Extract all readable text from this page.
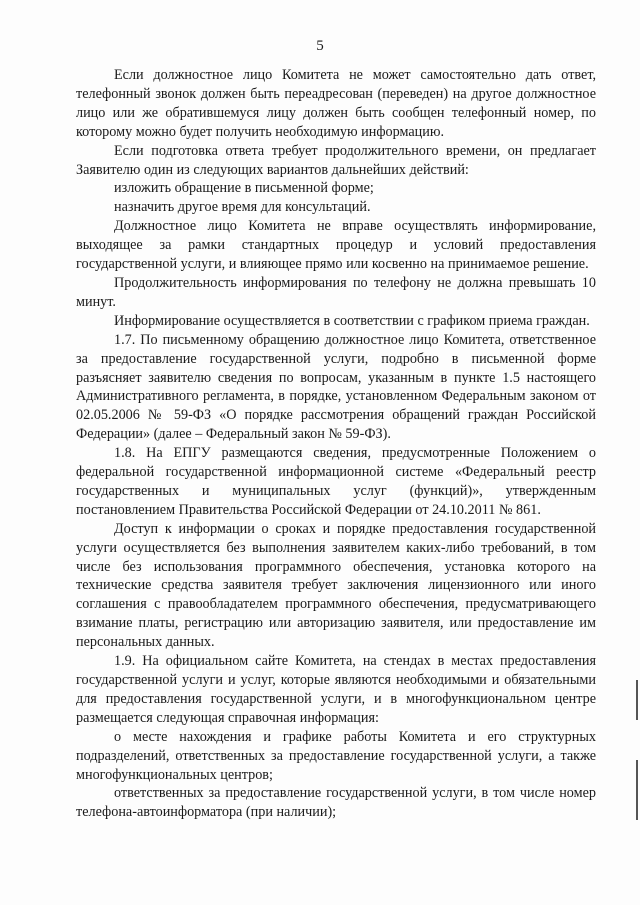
5

Если должностное лицо Комитета не может самостоятельно дать ответ, телефонный звонок должен быть переадресован (переведен) на другое должностное лицо или же обратившемуся лицу должен быть сообщен телефонный номер, по которому можно будет получить необходимую информацию.

Если подготовка ответа требует продолжительного времени, он предлагает Заявителю один из следующих вариантов дальнейших действий:

изложить обращение в письменной форме;

назначить другое время для консультаций.

Должностное лицо Комитета не вправе осуществлять информирование, выходящее за рамки стандартных процедур и условий предоставления государственной услуги, и влияющее прямо или косвенно на принимаемое решение.

Продолжительность информирования по телефону не должна превышать 10 минут.

Информирование осуществляется в соответствии с графиком приема граждан.

1.7. По письменному обращению должностное лицо Комитета, ответственное за предоставление государственной услуги, подробно в письменной форме разъясняет заявителю сведения по вопросам, указанным в пункте 1.5 настоящего Административного регламента, в порядке, установленном Федеральным законом от 02.05.2006 № 59-ФЗ «О порядке рассмотрения обращений граждан Российской Федерации» (далее – Федеральный закон № 59-ФЗ).

1.8. На ЕПГУ размещаются сведения, предусмотренные Положением о федеральной государственной информационной системе «Федеральный реестр государственных и муниципальных услуг (функций)», утвержденным постановлением Правительства Российской Федерации от 24.10.2011 № 861.

Доступ к информации о сроках и порядке предоставления государственной услуги осуществляется без выполнения заявителем каких-либо требований, в том числе без использования программного обеспечения, установка которого на технические средства заявителя требует заключения лицензионного или иного соглашения с правообладателем программного обеспечения, предусматривающего взимание платы, регистрацию или авторизацию заявителя, или предоставление им персональных данных.

1.9. На официальном сайте Комитета, на стендах в местах предоставления государственной услуги и услуг, которые являются необходимыми и обязательными для предоставления государственной услуги, и в многофункциональном центре размещается следующая справочная информация:

о месте нахождения и графике работы Комитета и его структурных подразделений, ответственных за предоставление государственной услуги, а также многофункциональных центров;

ответственных за предоставление государственной услуги, в том числе номер телефона-автоинформатора (при наличии);
